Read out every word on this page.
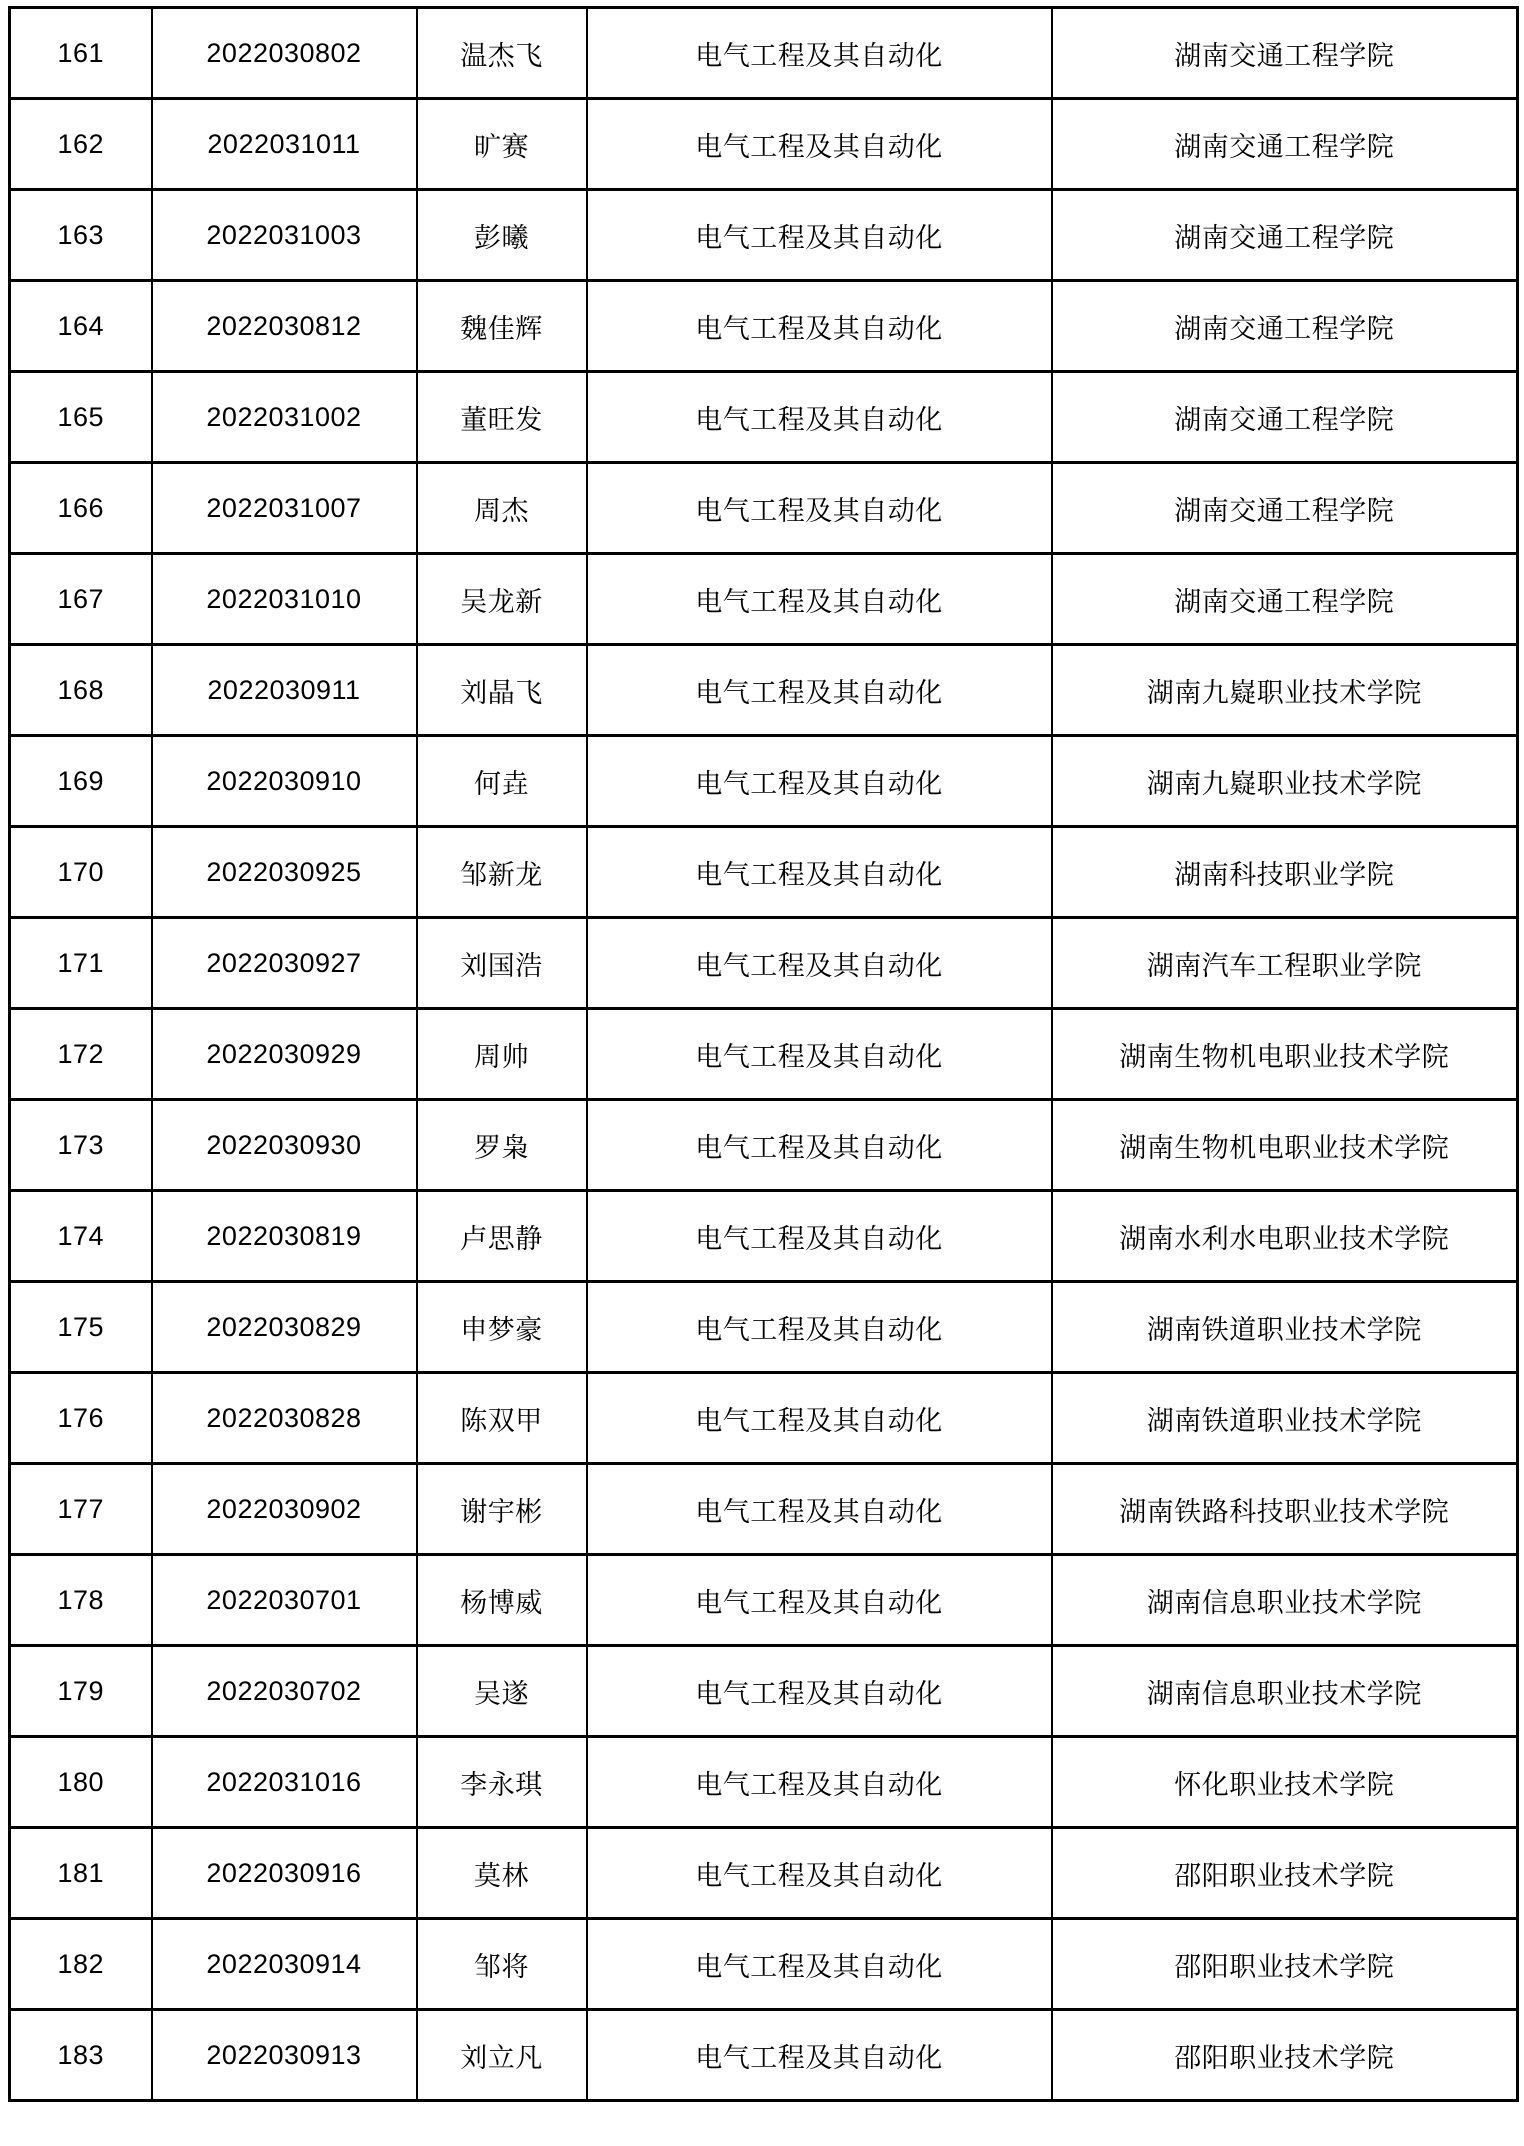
161	2022030802	温杰飞	电气工程及其自动化	湖南交通工程学院
162	2022031011	旷赛	电气工程及其自动化	湖南交通工程学院
163	2022031003	彭曦	电气工程及其自动化	湖南交通工程学院
164	2022030812	魏佳辉	电气工程及其自动化	湖南交通工程学院
165	2022031002	董旺发	电气工程及其自动化	湖南交通工程学院
166	2022031007	周杰	电气工程及其自动化	湖南交通工程学院
167	2022031010	吴龙新	电气工程及其自动化	湖南交通工程学院
168	2022030911	刘晶飞	电气工程及其自动化	湖南九嶷职业技术学院
169	2022030910	何垚	电气工程及其自动化	湖南九嶷职业技术学院
170	2022030925	邹新龙	电气工程及其自动化	湖南科技职业学院
171	2022030927	刘国浩	电气工程及其自动化	湖南汽车工程职业学院
172	2022030929	周帅	电气工程及其自动化	湖南生物机电职业技术学院
173	2022030930	罗枭	电气工程及其自动化	湖南生物机电职业技术学院
174	2022030819	卢思静	电气工程及其自动化	湖南水利水电职业技术学院
175	2022030829	申梦豪	电气工程及其自动化	湖南铁道职业技术学院
176	2022030828	陈双甲	电气工程及其自动化	湖南铁道职业技术学院
177	2022030902	谢宇彬	电气工程及其自动化	湖南铁路科技职业技术学院
178	2022030701	杨博威	电气工程及其自动化	湖南信息职业技术学院
179	2022030702	吴遂	电气工程及其自动化	湖南信息职业技术学院
180	2022031016	李永琪	电气工程及其自动化	怀化职业技术学院
181	2022030916	莫林	电气工程及其自动化	邵阳职业技术学院
182	2022030914	邹将	电气工程及其自动化	邵阳职业技术学院
183	2022030913	刘立凡	电气工程及其自动化	邵阳职业技术学院
